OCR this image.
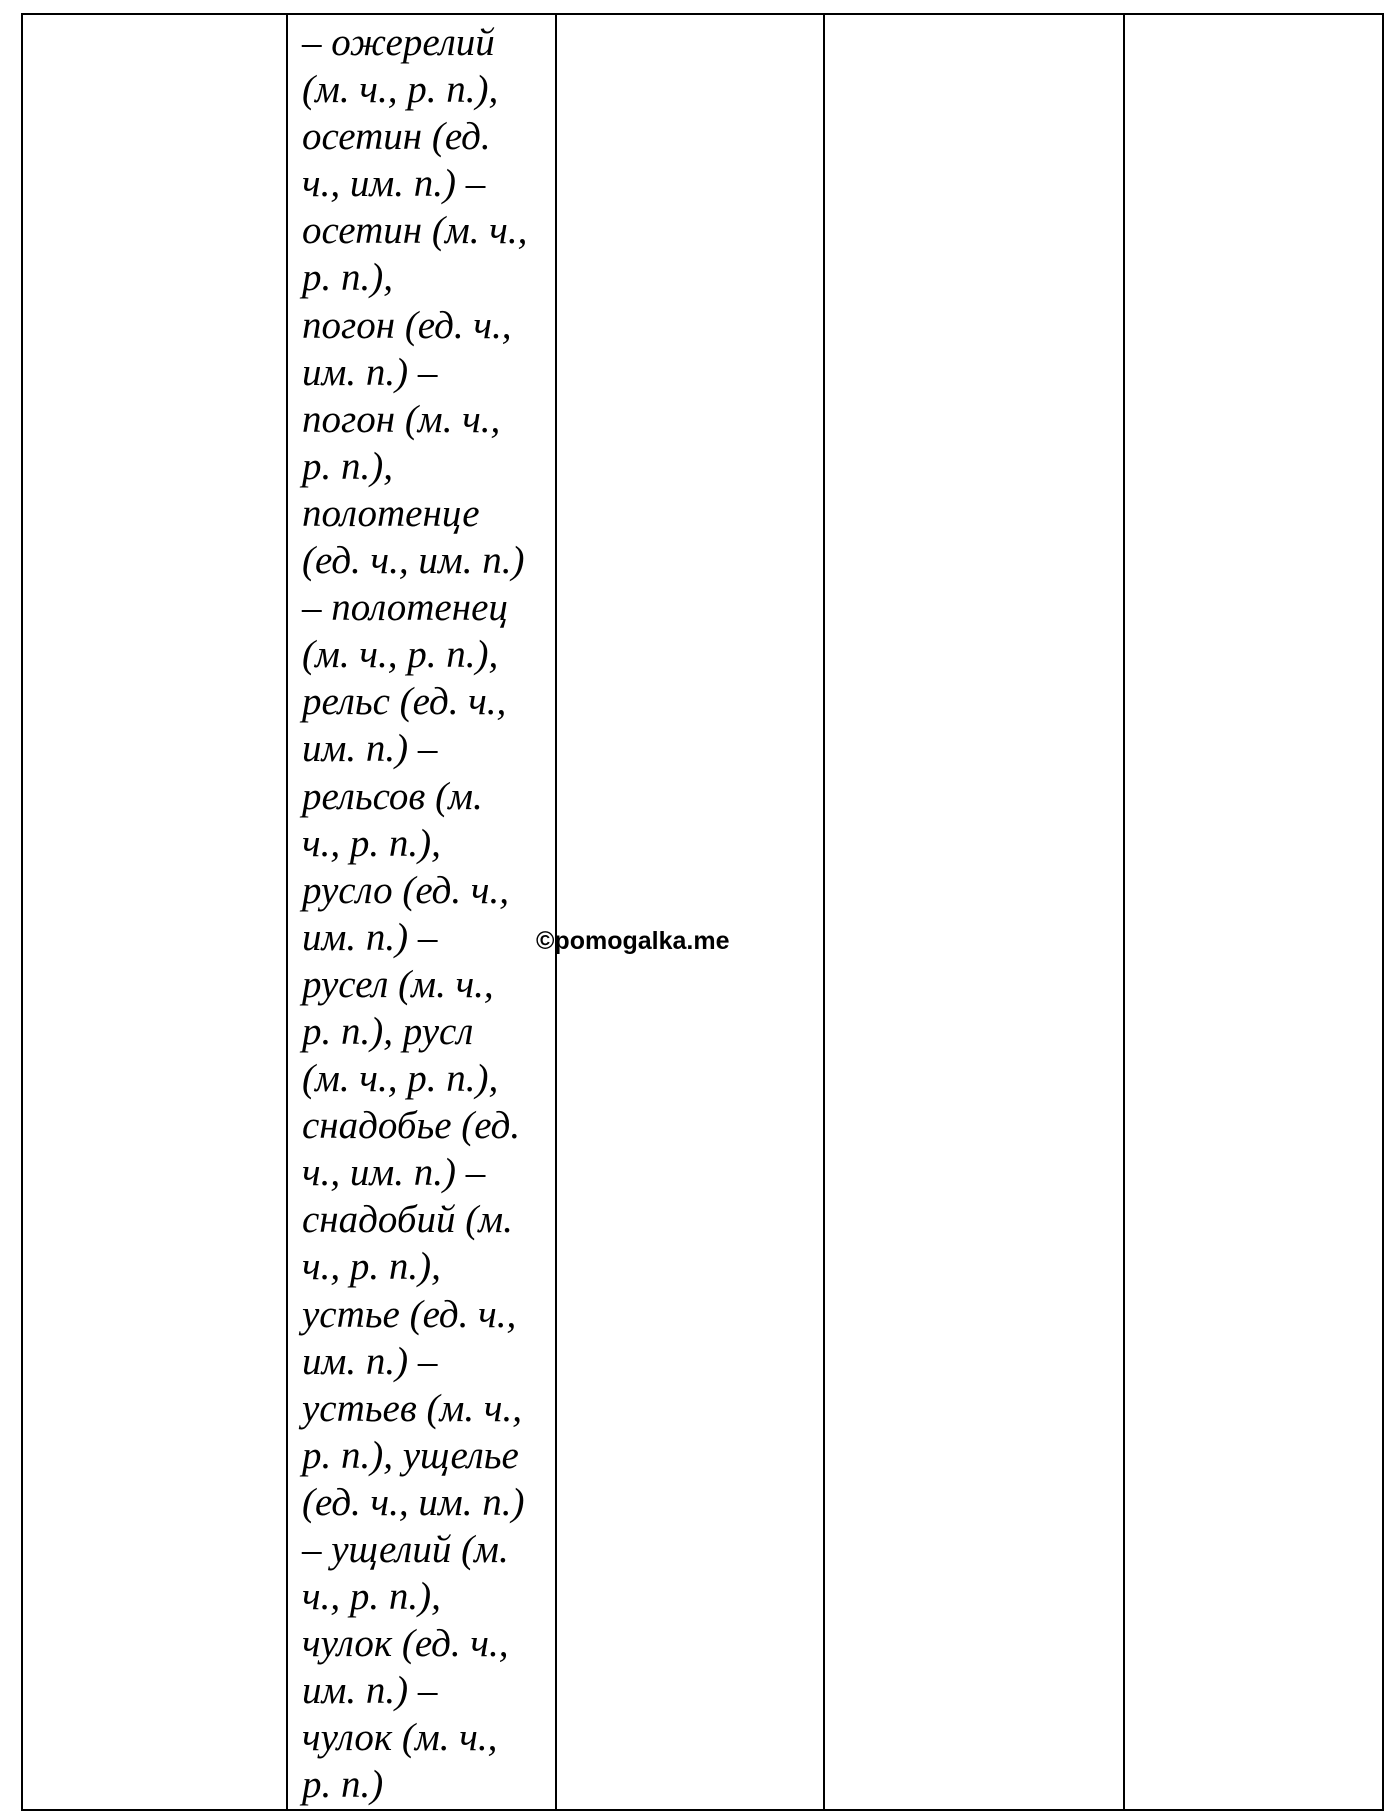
– ожерелий
(м. ч., р. п.),
осетин (ед.
ч., им. п.) –
осетин (м. ч.,
р. п.),
погон (ед. ч.,
им. п.) –
погон (м. ч.,
р. п.),
полотенце
(ед. ч., им. п.)
– полотенец
(м. ч., р. п.),
рельс (ед. ч.,
им. п.) –
рельсов (м.
ч., р. п.),
русло (ед. ч.,
им. п.) –
русел (м. ч.,
р. п.), русл
(м. ч., р. п.),
снадобье (ед.
ч., им. п.) –
снадобий (м.
ч., р. п.),
устье (ед. ч.,
им. п.) –
устьев (м. ч.,
р. п.), ущелье
(ед. ч., им. п.)
– ущелий (м.
ч., р. п.),
чулок (ед. ч.,
им. п.) –
чулок (м. ч.,
р. п.)

©pomogalka.me
